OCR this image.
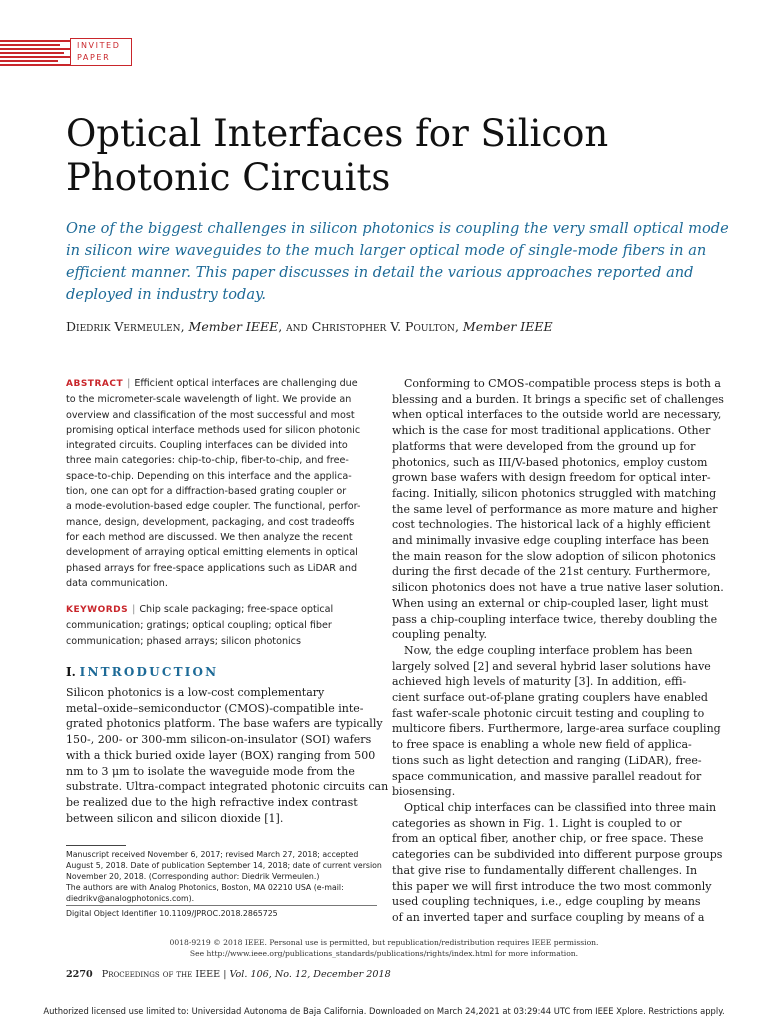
INVITED
PAPER
Optical Interfaces for Silicon
Photonic Circuits
One of the biggest challenges in silicon photonics is coupling the very small optical mode
in silicon wire waveguides to the much larger optical mode of single-mode fibers in an
efficient manner. This paper discusses in detail the various approaches reported and
deployed in industry today.
Diedrik Vermeulen, Member IEEE, and Christopher V. Poulton, Member IEEE
ABSTRACT | Efficient optical interfaces are challenging due
to the micrometer-scale wavelength of light. We provide an
overview and classification of the most successful and most
promising optical interface methods used for silicon photonic
integrated circuits. Coupling interfaces can be divided into
three main categories: chip-to-chip, fiber-to-chip, and free-
space-to-chip. Depending on this interface and the applica-
tion, one can opt for a diffraction-based grating coupler or
a mode-evolution-based edge coupler. The functional, perfor-
mance, design, development, packaging, and cost tradeoffs
for each method are discussed. We then analyze the recent
development of arraying optical emitting elements in optical
phased arrays for free-space applications such as LiDAR and
data communication.
KEYWORDS | Chip scale packaging; free-space optical
communication; gratings; optical coupling; optical fiber
communication; phased arrays; silicon photonics
I. INTRODUCTION
Silicon photonics is a low-cost complementary
metal–oxide–semiconductor (CMOS)-compatible inte-
grated photonics platform. The base wafers are typically
150-, 200- or 300-mm silicon-on-insulator (SOI) wafers
with a thick buried oxide layer (BOX) ranging from 500
nm to 3 μm to isolate the waveguide mode from the
substrate. Ultra-compact integrated photonic circuits can
be realized due to the high refractive index contrast
between silicon and silicon dioxide [1].
Manuscript received November 6, 2017; revised March 27, 2018; accepted
August 5, 2018. Date of publication September 14, 2018; date of current version
November 20, 2018. (Corresponding author: Diedrik Vermeulen.)
The authors are with Analog Photonics, Boston, MA 02210 USA (e-mail:
diedrikv@analogphotonics.com).
Digital Object Identifier 10.1109/JPROC.2018.2865725
Conforming to CMOS-compatible process steps is both a
blessing and a burden. It brings a specific set of challenges
when optical interfaces to the outside world are necessary,
which is the case for most traditional applications. Other
platforms that were developed from the ground up for
photonics, such as III/V-based photonics, employ custom
grown base wafers with design freedom for optical inter-
facing. Initially, silicon photonics struggled with matching
the same level of performance as more mature and higher
cost technologies. The historical lack of a highly efficient
and minimally invasive edge coupling interface has been
the main reason for the slow adoption of silicon photonics
during the first decade of the 21st century. Furthermore,
silicon photonics does not have a true native laser solution.
When using an external or chip-coupled laser, light must
pass a chip-coupling interface twice, thereby doubling the
coupling penalty.
Now, the edge coupling interface problem has been
largely solved [2] and several hybrid laser solutions have
achieved high levels of maturity [3]. In addition, effi-
cient surface out-of-plane grating couplers have enabled
fast wafer-scale photonic circuit testing and coupling to
multicore fibers. Furthermore, large-area surface coupling
to free space is enabling a whole new field of applica-
tions such as light detection and ranging (LiDAR), free-
space communication, and massive parallel readout for
biosensing.
Optical chip interfaces can be classified into three main
categories as shown in Fig. 1. Light is coupled to or
from an optical fiber, another chip, or free space. These
categories can be subdivided into different purpose groups
that give rise to fundamentally different challenges. In
this paper we will first introduce the two most commonly
used coupling techniques, i.e., edge coupling by means
of an inverted taper and surface coupling by means of a
0018-9219 © 2018 IEEE. Personal use is permitted, but republication/redistribution requires IEEE permission.
See http://www.ieee.org/publications_standards/publications/rights/index.html for more information.
2270 Proceedings of the IEEE | Vol. 106, No. 12, December 2018
Authorized licensed use limited to: Universidad Autonoma de Baja California. Downloaded on March 24,2021 at 03:29:44 UTC from IEEE Xplore. Restrictions apply.
